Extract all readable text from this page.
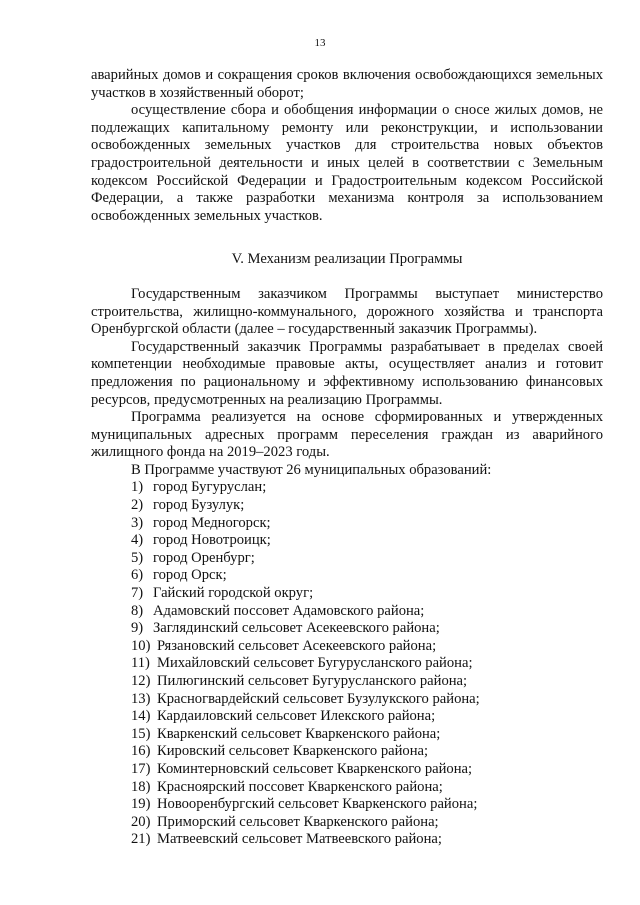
13

аварийных домов и сокращения сроков включения освобождающихся земельных участков в хозяйственный оборот;

осуществление сбора и обобщения информации о сносе жилых домов, не подлежащих капитальному ремонту или реконструкции, и использовании освобожденных земельных участков для строительства новых объектов градостроительной деятельности и иных целей в соответствии с Земельным кодексом Российской Федерации и Градостроительным кодексом Российской Федерации, а также разработки механизма контроля за использованием освобожденных земельных участков.

V. Механизм реализации Программы

Государственным заказчиком Программы выступает министерство строительства, жилищно-коммунального, дорожного хозяйства и транспорта Оренбургской области (далее – государственный заказчик Программы).

Государственный заказчик Программы разрабатывает в пределах своей компетенции необходимые правовые акты, осуществляет анализ и готовит предложения по рациональному и эффективному использованию финансовых ресурсов, предусмотренных на реализацию Программы.

Программа реализуется на основе сформированных и утвержденных муниципальных адресных программ переселения граждан из аварийного жилищного фонда на 2019–2023 годы.

В Программе участвуют 26 муниципальных образований:

1) город Бугуруслан;
2) город Бузулук;
3) город Медногорск;
4) город Новотроицк;
5) город Оренбург;
6) город Орск;
7) Гайский городской округ;
8) Адамовский поссовет Адамовского района;
9) Заглядинский сельсовет Асекеевского района;
10) Рязановский сельсовет Асекеевского района;
11) Михайловский сельсовет Бугурусланского района;
12) Пилюгинский сельсовет Бугурусланского района;
13) Красногвардейский сельсовет Бузулукского района;
14) Кардаиловский сельсовет Илекского района;
15) Кваркенский сельсовет Кваркенского района;
16) Кировский сельсовет Кваркенского района;
17) Коминтерновский сельсовет Кваркенского района;
18) Красноярский поссовет Кваркенского района;
19) Новооренбургский сельсовет Кваркенского района;
20) Приморский сельсовет Кваркенского района;
21) Матвеевский сельсовет Матвеевского района;
